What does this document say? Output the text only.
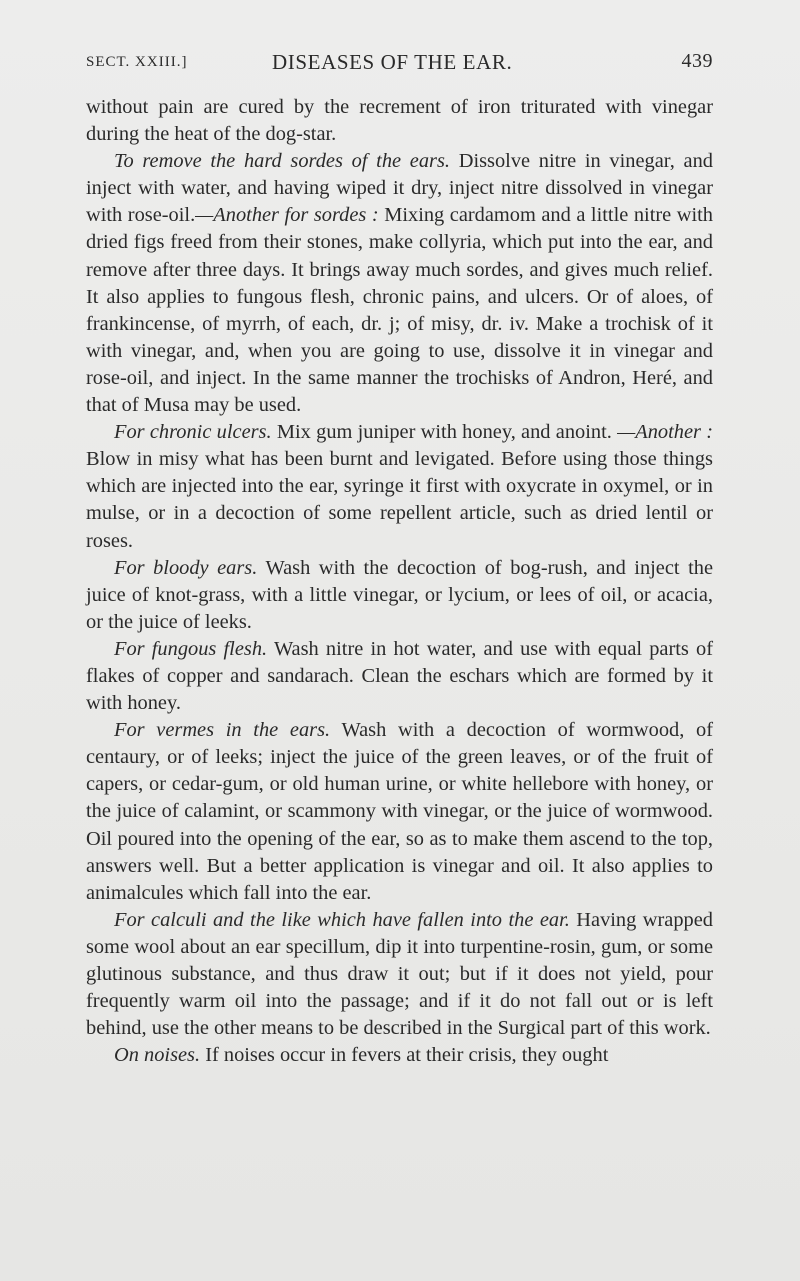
SECT. XXIII.]	DISEASES OF THE EAR.	439

without pain are cured by the recrement of iron triturated with vinegar during the heat of the dog-star.

To remove the hard sordes of the ears. Dissolve nitre in vinegar, and inject with water, and having wiped it dry, inject nitre dissolved in vinegar with rose-oil.—Another for sordes : Mixing cardamom and a little nitre with dried figs freed from their stones, make collyria, which put into the ear, and remove after three days. It brings away much sordes, and gives much relief. It also applies to fungous flesh, chronic pains, and ulcers. Or of aloes, of frankincense, of myrrh, of each, dr. j; of misy, dr. iv. Make a trochisk of it with vinegar, and, when you are going to use, dissolve it in vinegar and rose-oil, and inject. In the same manner the trochisks of Andron, Heré, and that of Musa may be used.

For chronic ulcers. Mix gum juniper with honey, and anoint. —Another : Blow in misy what has been burnt and levigated. Before using those things which are injected into the ear, syringe it first with oxycrate in oxymel, or in mulse, or in a decoction of some repellent article, such as dried lentil or roses.

For bloody ears. Wash with the decoction of bog-rush, and inject the juice of knot-grass, with a little vinegar, or lycium, or lees of oil, or acacia, or the juice of leeks.

For fungous flesh. Wash nitre in hot water, and use with equal parts of flakes of copper and sandarach. Clean the eschars which are formed by it with honey.

For vermes in the ears. Wash with a decoction of wormwood, of centaury, or of leeks; inject the juice of the green leaves, or of the fruit of capers, or cedar-gum, or old human urine, or white hellebore with honey, or the juice of calamint, or scammony with vinegar, or the juice of wormwood. Oil poured into the opening of the ear, so as to make them ascend to the top, answers well. But a better application is vinegar and oil. It also applies to animalcules which fall into the ear.

For calculi and the like which have fallen into the ear. Having wrapped some wool about an ear specillum, dip it into turpentine-rosin, gum, or some glutinous substance, and thus draw it out; but if it does not yield, pour frequently warm oil into the passage; and if it do not fall out or is left behind, use the other means to be described in the Surgical part of this work.

On noises. If noises occur in fevers at their crisis, they ought
